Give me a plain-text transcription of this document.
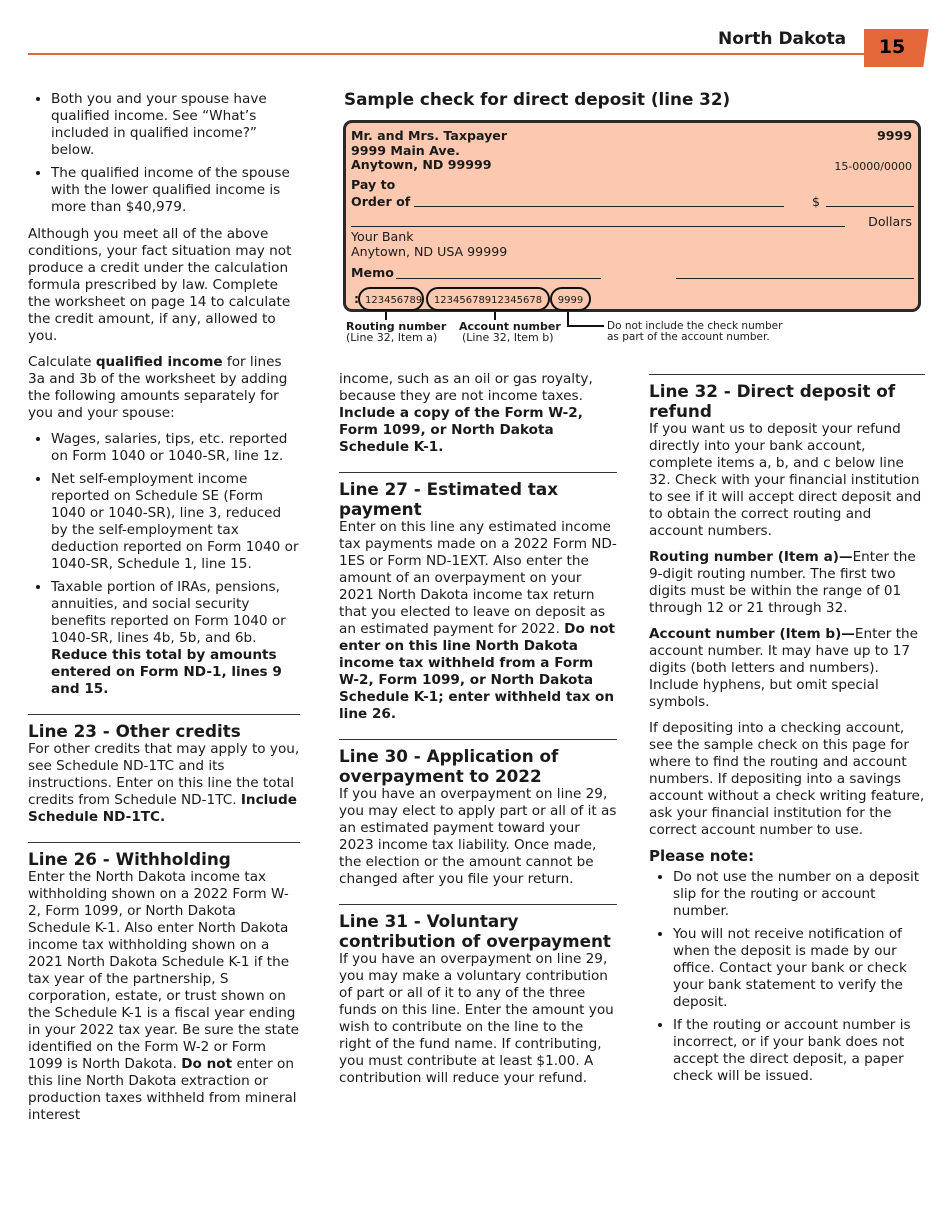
North Dakota	15
• Both you and your spouse have qualified income. See “What’s included in qualified income?” below.
• The qualified income of the spouse with the lower qualified income is more than $40,979.

Although you meet all of the above conditions, your fact situation may not produce a credit under the calculation formula prescribed by law. Complete the worksheet on page 14 to calculate the credit amount, if any, allowed to you.

Calculate qualified income for lines 3a and 3b of the worksheet by adding the following amounts separately for you and your spouse:

• Wages, salaries, tips, etc. reported on Form 1040 or 1040-SR, line 1z.
• Net self-employment income reported on Schedule SE (Form 1040 or 1040-SR), line 3, reduced by the self-employment tax deduction reported on Form 1040 or 1040-SR, Schedule 1, line 15.
• Taxable portion of IRAs, pensions, annuities, and social security benefits reported on Form 1040 or 1040-SR, lines 4b, 5b, and 6b. Reduce this total by amounts entered on Form ND-1, lines 9 and 15.
Line 23 - Other credits

For other credits that may apply to you, see Schedule ND-1TC and its instructions. Enter on this line the total credits from Schedule ND-1TC. Include Schedule ND-1TC.

Line 26 - Withholding

Enter the North Dakota income tax withholding shown on a 2022 Form W-2, Form 1099, or North Dakota Schedule K-1. Also enter North Dakota income tax withholding shown on a 2021 North Dakota Schedule K-1 if the tax year of the partnership, S corporation, estate, or trust shown on the Schedule K-1 is a fiscal year ending in your 2022 tax year. Be sure the state identified on the Form W-2 or Form 1099 is North Dakota. Do not enter on this line North Dakota extraction or production taxes withheld from mineral interest

Sample check for direct deposit (line 32)
Mr. and Mrs. Taxpayer
9999 Main Ave.
Anytown, ND 99999
9999
15-0000/0000
Pay to
Order of	$
Dollars
Your Bank
Anytown, ND USA 99999
Memo
: 123456789	12345678912345678	9999
Routing number
(Line 32, Item a)
Account number
(Line 32, Item b)
Do not include the check number
as part of the account number.

income, such as an oil or gas royalty, because they are not income taxes. Include a copy of the Form W-2, Form 1099, or North Dakota Schedule K-1.

Line 27 - Estimated tax payment

Enter on this line any estimated income tax payments made on a 2022 Form ND-1ES or Form ND-1EXT. Also enter the amount of an overpayment on your 2021 North Dakota income tax return that you elected to leave on deposit as an estimated payment for 2022. Do not enter on this line North Dakota income tax withheld from a Form W-2, Form 1099, or North Dakota Schedule K-1; enter withheld tax on line 26.

Line 30 - Application of overpayment to 2022

If you have an overpayment on line 29, you may elect to apply part or all of it as an estimated payment toward your 2023 income tax liability. Once made, the election or the amount cannot be changed after you file your return.

Line 31 - Voluntary contribution of overpayment

If you have an overpayment on line 29, you may make a voluntary contribution of part or all of it to any of the three funds on this line. Enter the amount you wish to contribute on the line to the right of the fund name. If contributing, you must contribute at least $1.00. A contribution will reduce your refund.

Line 32 - Direct deposit of refund

If you want us to deposit your refund directly into your bank account, complete items a, b, and c below line 32. Check with your financial institution to see if it will accept direct deposit and to obtain the correct routing and account numbers.

Routing number (Item a)—Enter the 9-digit routing number. The first two digits must be within the range of 01 through 12 or 21 through 32.

Account number (Item b)—Enter the account number. It may have up to 17 digits (both letters and numbers). Include hyphens, but omit special symbols.

If depositing into a checking account, see the sample check on this page for where to find the routing and account numbers. If depositing into a savings account without a check writing feature, ask your financial institution for the correct account number to use.

Please note:
• Do not use the number on a deposit slip for the routing or account number.
• You will not receive notification of when the deposit is made by our office. Contact your bank or check your bank statement to verify the deposit.
• If the routing or account number is incorrect, or if your bank does not accept the direct deposit, a paper check will be issued.
